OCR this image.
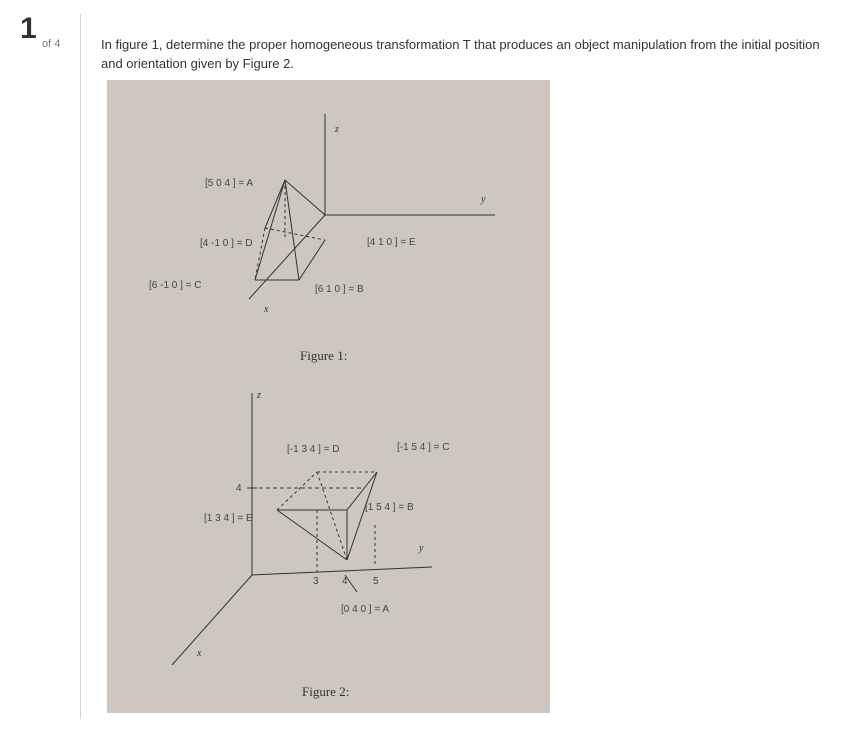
1 of 4	In figure 1, determine the proper homogeneous transformation T that produces an object manipulation from the initial position and orientation given by Figure 2.
z
y
x
[5 0 4 ] = A
[4 -1 0 ] = D
[6 -1 0 ] = C
[4 1 0 ] = E
[6 1 0 ] = B
Figure 1:
z
y
x
4
3 4	5
[-1 3 4 ] = D	[-1 5 4 ] = C
[1 3 4 ] = E
[1 5 4 ] = B
[0 4 0 ] = A
Figure 2:
